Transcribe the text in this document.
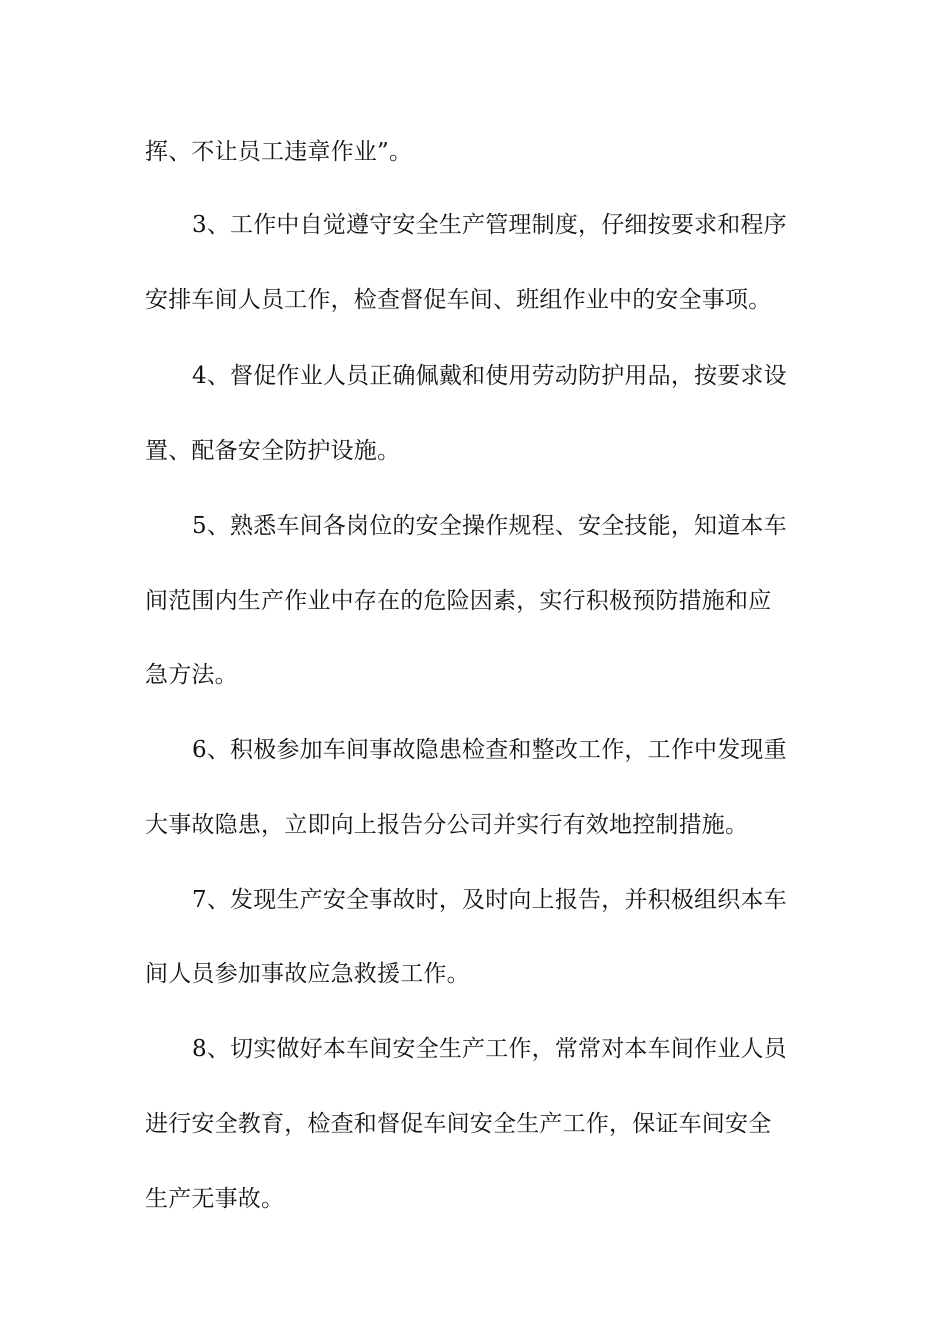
挥、不让员工违章作业”。
3、工作中自觉遵守安全生产管理制度，仔细按要求和程序
安排车间人员工作，检查督促车间、班组作业中的安全事项。
4、督促作业人员正确佩戴和使用劳动防护用品，按要求设
置、配备安全防护设施。
5、熟悉车间各岗位的安全操作规程、安全技能，知道本车
间范围内生产作业中存在的危险因素，实行积极预防措施和应
急方法。
6、积极参加车间事故隐患检查和整改工作，工作中发现重
大事故隐患，立即向上报告分公司并实行有效地控制措施。
7、发现生产安全事故时，及时向上报告，并积极组织本车
间人员参加事故应急救援工作。
8、切实做好本车间安全生产工作，常常对本车间作业人员
进行安全教育，检查和督促车间安全生产工作，保证车间安全
生产无事故。
